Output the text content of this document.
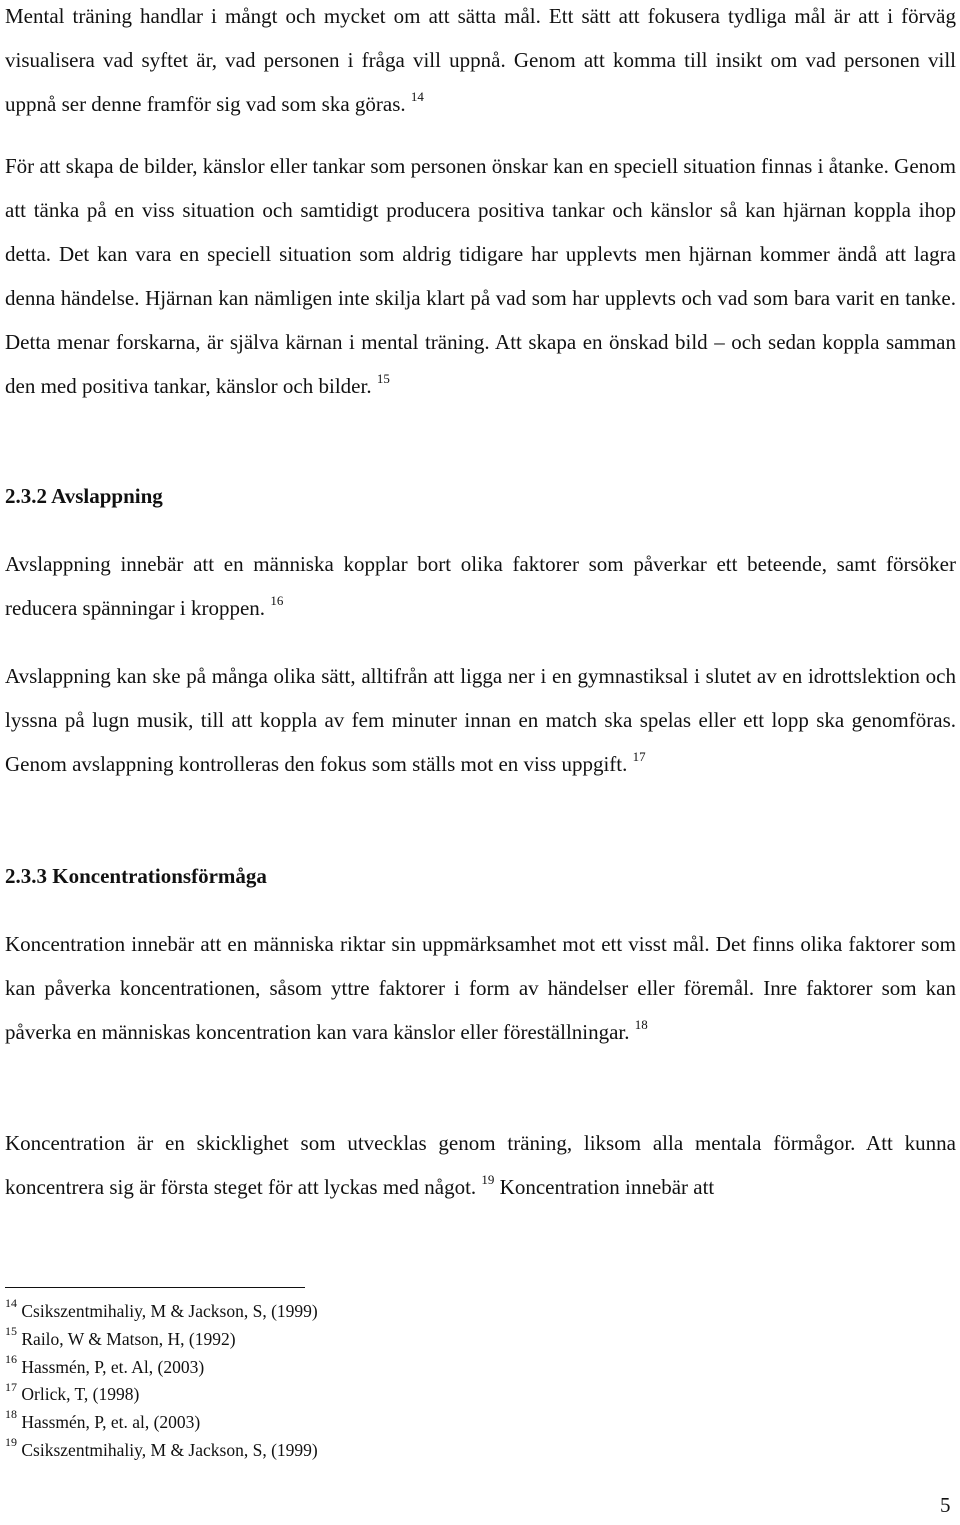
Mental träning handlar i mångt och mycket om att sätta mål. Ett sätt att fokusera tydliga mål är att i förväg visualisera vad syftet är, vad personen i fråga vill uppnå. Genom att komma till insikt om vad personen vill uppnå ser denne framför sig vad som ska göras. $^{14}$

För att skapa de bilder, känslor eller tankar som personen önskar kan en speciell situation finnas i åtanke. Genom att tänka på en viss situation och samtidigt producera positiva tankar och känslor så kan hjärnan koppla ihop detta. Det kan vara en speciell situation som aldrig tidigare har upplevts men hjärnan kommer ändå att lagra denna händelse. Hjärnan kan nämligen inte skilja klart på vad som har upplevts och vad som bara varit en tanke. Detta menar forskarna, är själva kärnan i mental träning. Att skapa en önskad bild – och sedan koppla samman den med positiva tankar, känslor och bilder. $^{15}$

2.3.2 Avslappning

Avslappning innebär att en människa kopplar bort olika faktorer som påverkar ett beteende, samt försöker reducera spänningar i kroppen. $^{16}$

Avslappning kan ske på många olika sätt, alltifrån att ligga ner i en gymnastiksal i slutet av en idrottslektion och lyssna på lugn musik, till att koppla av fem minuter innan en match ska spelas eller ett lopp ska genomföras. Genom avslappning kontrolleras den fokus som ställs mot en viss uppgift. $^{17}$

2.3.3 Koncentrationsförmåga

Koncentration innebär att en människa riktar sin uppmärksamhet mot ett visst mål. Det finns olika faktorer som kan påverka koncentrationen, såsom yttre faktorer i form av händelser eller föremål. Inre faktorer som kan påverka en människas koncentration kan vara känslor eller föreställningar. $^{18}$

Koncentration är en skicklighet som utvecklas genom träning, liksom alla mentala förmågor. Att kunna koncentrera sig är första steget för att lyckas med något. $^{19}$ Koncentration innebär att

$^{14}$ Csikszentmihaliy, M & Jackson, S, (1999)
$^{15}$ Railo, W & Matson, H, (1992)
$^{16}$ Hassmén, P, et. Al, (2003)
$^{17}$ Orlick, T, (1998)
$^{18}$ Hassmén, P, et. al, (2003)
$^{19}$ Csikszentmihaliy, M & Jackson, S, (1999)
5
